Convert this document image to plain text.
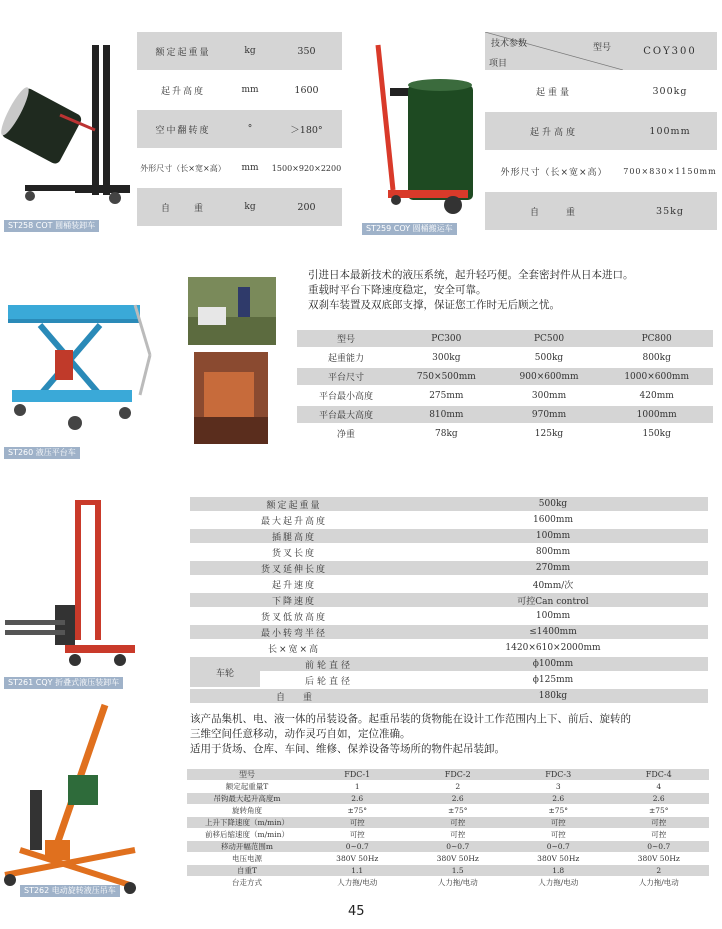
ST258 COT 圆桶装卸车
额定起重量	kg	350
起升高度	mm	1600
空中翻转度	°	＞180°
外形尺寸（长×宽×高）	mm	1500×920×2200
自　　重	kg	200
ST259 COY 圆桶搬运车
技术参数
项目
型号	COY300
起重量	300kg
起升高度	100mm
外形尺寸（长×宽×高）	700×830×1150mm
自　　重	35kg
ST260 液压平台车
引进日本最新技术的液压系统，起升轻巧便。全套密封件从日本进口。
重载时平台下降速度稳定，安全可靠。
双刹车装置及双底郎支撑，保证您工作时无后顾之忧。
型号	PC300	PC500	PC800
起重能力	300kg	500kg	800kg
平台尺寸	750×500mm	900×600mm	1000×600mm
平台最小高度	275mm	300mm	420mm
平台最大高度	810mm	970mm	1000mm
净重	78kg	125kg	150kg
ST261 CQY 折叠式液压装卸车
额定起重量		500kg
最大起升高度		1600mm
插腿高度		100mm
货叉长度		800mm
货叉延伸长度		270mm
起升速度		40mm/次
下降速度		可控Can control
货叉低放高度		100mm
最小转弯半径		≤1400mm
长×宽×高		1420×610×2000mm
车轮	前轮直径	ϕ100mm
	后轮直径	ϕ125mm
自　　重		180kg
ST262 电动旋转液压吊车
该产品集机、电、液一体的吊装设备。起重吊装的货物能在设计工作范围内上下、前后、旋转的
三维空间任意移动，动作灵巧自如，定位准确。
适用于货场、仓库、车间、维修、保养设备等场所的物件起吊装卸。
型号	FDC-1	FDC-2	FDC-3	FDC-4
额定起重量T	1	2	3	4
吊钩最大起升高度m	2.6	2.6	2.6	2.6
旋转角度	±75°	±75°	±75°	±75°
上升下降速度（m/min）	可控	可控	可控	可控
前移后缩速度（m/min）	可控	可控	可控	可控
移动开幅范围m	0~0.7	0~0.7	0~0.7	0~0.7
电压电源	380V 50Hz	380V 50Hz	380V 50Hz	380V 50Hz
自重T	1.1	1.5	1.8	2
台走方式	人力拖/电动	人力拖/电动	人力拖/电动	人力拖/电动
45
